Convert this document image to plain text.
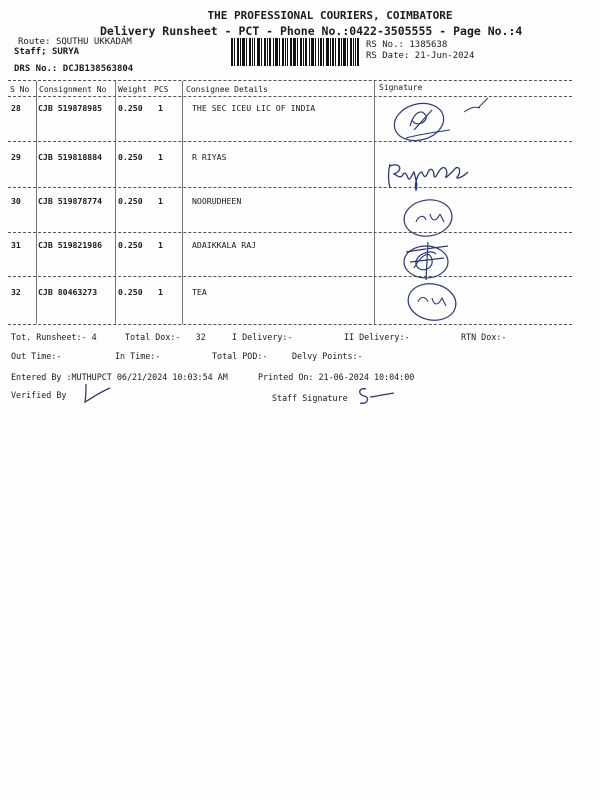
THE PROFESSIONAL COURIERS, COIMBATORE
Delivery Runsheet - PCT - Phone No.:0422-3505555 - Page No.:4
Route: SQUTHU UKKADAM
Staff; SURYA
DRS No.: DCJB138563804
RS No.: 1385638
RS Date: 21-Jun-2024
S No Consignment No Weight PCS Consignee Details	Signature
28 CJB 519878985 0.250 1	THE SEC ICEU LIC OF INDIA
29 CJB 519818884 0.250 1	R RIYAS
30 CJB 519878774 0.250 1	NOORUDHEEN
31 CJB 519821986 0.250 1	ADAIKKALA RAJ
32 CJB 80463273	0.250 1	TEA
Tot. Runsheet:- 4	Total Dox:-   32	I Delivery:-	II Delivery:-	RTN Dox:-
Out Time:-	In Time:-	Total POD:-	Delvy Points:-
Entered By :MUTHUPCT 06/21/2024 10:03:54 AM	Printed On: 21-06-2024 10:04:00
Verified By	Staff Signature
